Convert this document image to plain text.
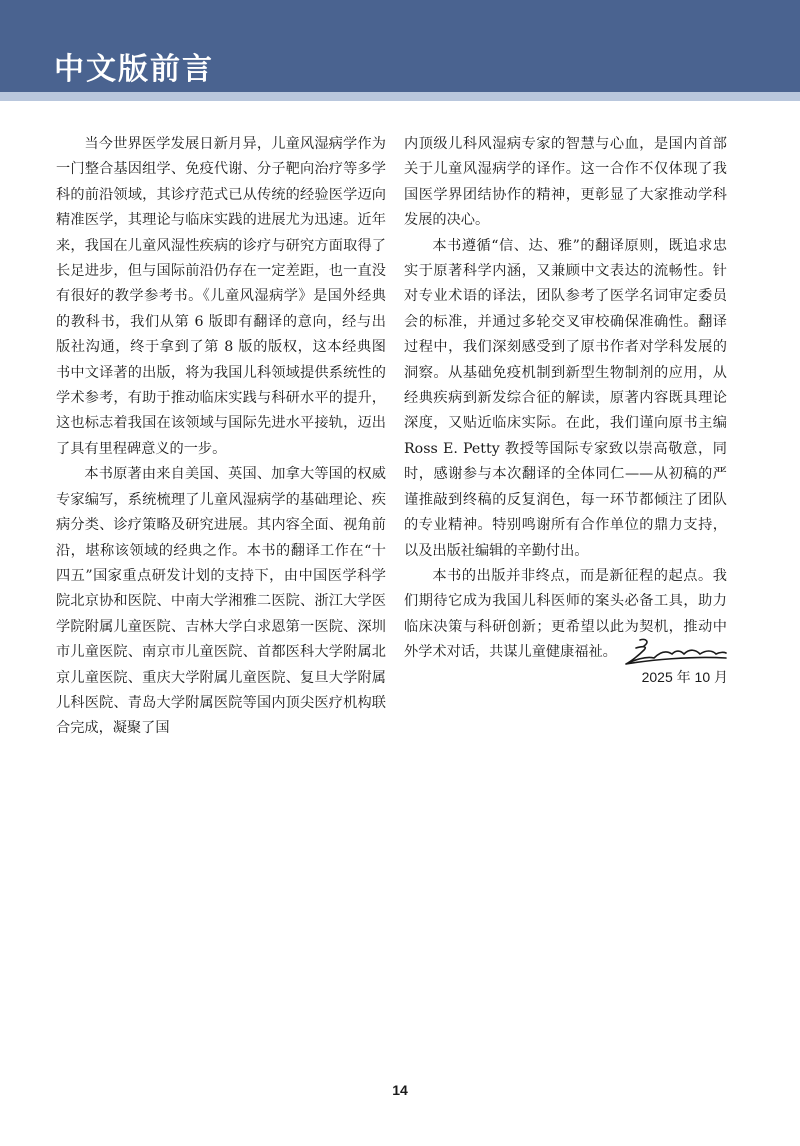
中文版前言

当今世界医学发展日新月异，儿童风湿病学作为一门整合基因组学、免疫代谢、分子靶向治疗等多学科的前沿领域，其诊疗范式已从传统的经验医学迈向精准医学，其理论与临床实践的进展尤为迅速。近年来，我国在儿童风湿性疾病的诊疗与研究方面取得了长足进步，但与国际前沿仍存在一定差距，也一直没有很好的教学参考书。《儿童风湿病学》是国外经典的教科书，我们从第 6 版即有翻译的意向，经与出版社沟通，终于拿到了第 8 版的版权，这本经典图书中文译著的出版，将为我国儿科领域提供系统性的学术参考，有助于推动临床实践与科研水平的提升，这也标志着我国在该领域与国际先进水平接轨，迈出了具有里程碑意义的一步。

本书原著由来自美国、英国、加拿大等国的权威专家编写，系统梳理了儿童风湿病学的基础理论、疾病分类、诊疗策略及研究进展。其内容全面、视角前沿，堪称该领域的经典之作。本书的翻译工作在“十四五”国家重点研发计划的支持下，由中国医学科学院北京协和医院、中南大学湘雅二医院、浙江大学医学院附属儿童医院、吉林大学白求恩第一医院、深圳市儿童医院、南京市儿童医院、首都医科大学附属北京儿童医院、重庆大学附属儿童医院、复旦大学附属儿科医院、青岛大学附属医院等国内顶尖医疗机构联合完成，凝聚了国

内顶级儿科风湿病专家的智慧与心血，是国内首部关于儿童风湿病学的译作。这一合作不仅体现了我国医学界团结协作的精神，更彰显了大家推动学科发展的决心。

本书遵循“信、达、雅”的翻译原则，既追求忠实于原著科学内涵，又兼顾中文表达的流畅性。针对专业术语的译法，团队参考了医学名词审定委员会的标准，并通过多轮交叉审校确保准确性。翻译过程中，我们深刻感受到了原书作者对学科发展的洞察。从基础免疫机制到新型生物制剂的应用，从经典疾病到新发综合征的解读，原著内容既具理论深度，又贴近临床实际。在此，我们谨向原书主编 Ross E. Petty 教授等国际专家致以崇高敬意，同时，感谢参与本次翻译的全体同仁——从初稿的严谨推敲到终稿的反复润色，每一环节都倾注了团队的专业精神。特别鸣谢所有合作单位的鼎力支持，以及出版社编辑的辛勤付出。

本书的出版并非终点，而是新征程的起点。我们期待它成为我国儿科医师的案头必备工具，助力临床决策与科研创新；更希望以此为契机，推动中外学术对话，共谋儿童健康福祉。

2025 年 10 月
14
